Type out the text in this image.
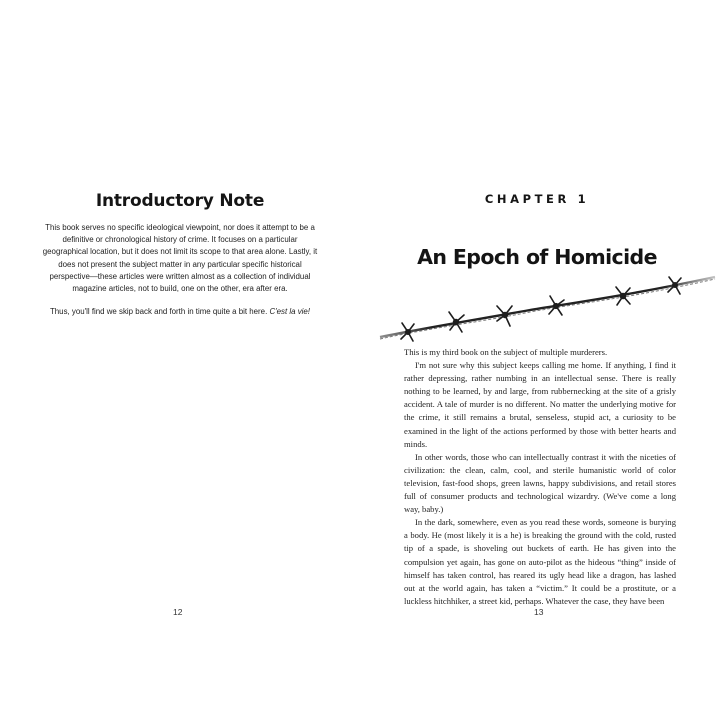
Introductory Note

This book serves no specific ideological viewpoint, nor does it attempt to be a definitive or chronological history of crime. It focuses on a particular geographical location, but it does not limit its scope to that area alone. Lastly, it does not present the subject matter in any particular specific historical perspective—these articles were written almost as a collection of individual magazine articles, not to build, one on the other, era after era.

Thus, you'll find we skip back and forth in time quite a bit here. C'est la vie!

12
CHAPTER 1
An Epoch of Homicide

This is my third book on the subject of multiple murderers.

I'm not sure why this subject keeps calling me home. If anything, I find it rather depressing, rather numbing in an intellectual sense. There is really nothing to be learned, by and large, from rubbernecking at the site of a grisly accident. A tale of murder is no different. No matter the underlying motive for the crime, it still remains a brutal, senseless, stupid act, a curiosity to be examined in the light of the actions performed by those with better hearts and minds.

In other words, those who can intellectually contrast it with the niceties of civilization: the clean, calm, cool, and sterile humanistic world of color television, fast-food shops, green lawns, happy subdivisions, and retail stores full of consumer products and technological wizardry. (We've come a long way, baby.)

In the dark, somewhere, even as you read these words, someone is burying a body. He (most likely it is a he) is breaking the ground with the cold, rusted tip of a spade, is shoveling out buckets of earth. He has given into the compulsion yet again, has gone on auto-pilot as the hideous “thing” inside of himself has taken control, has reared its ugly head like a dragon, has lashed out at the world again, has taken a “victim.” It could be a prostitute, or a luckless hitchhiker, a street kid, perhaps. Whatever the case, they have been

13
